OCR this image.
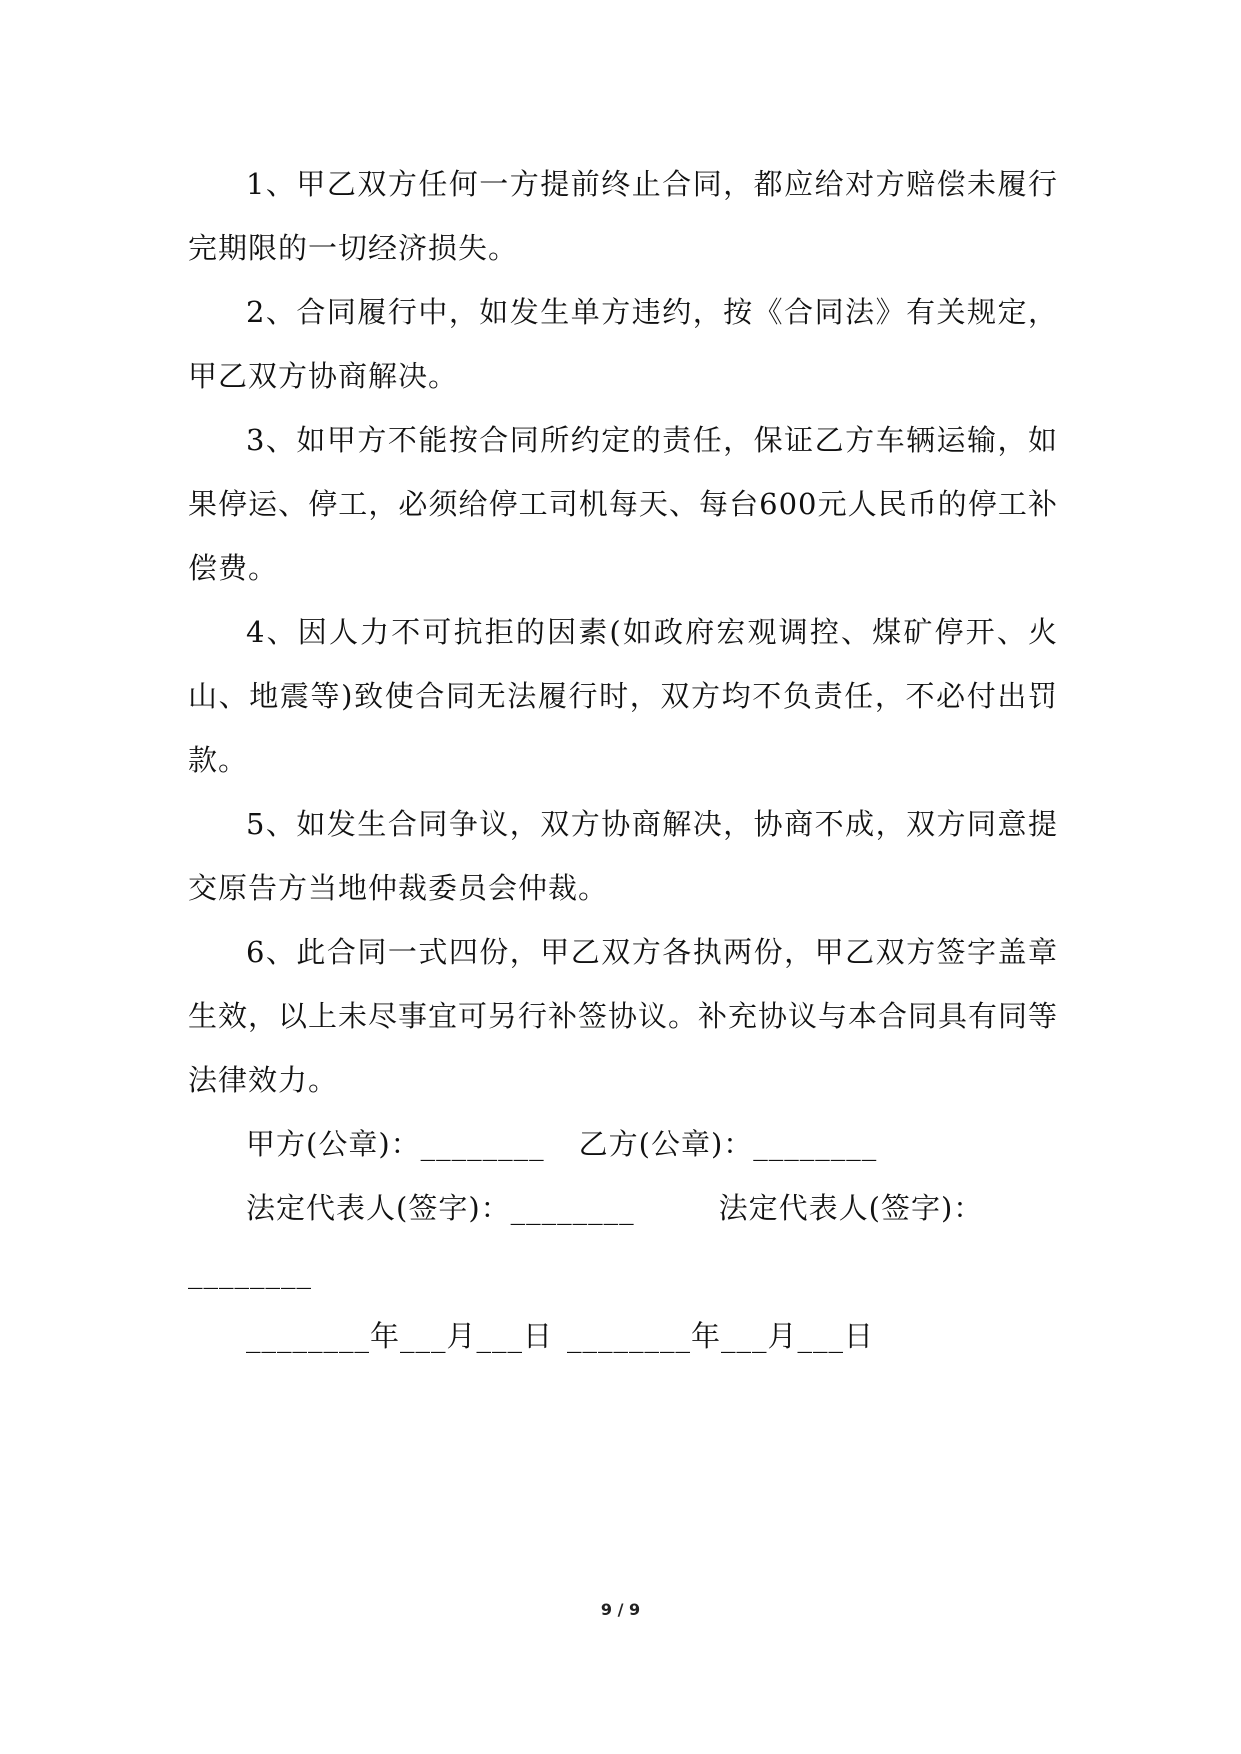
1、甲乙双方任何一方提前终止合同，都应给对方赔偿未履行完期限的一切经济损失。

2、合同履行中，如发生单方违约，按《合同法》有关规定，甲乙双方协商解决。

3、如甲方不能按合同所约定的责任，保证乙方车辆运输，如果停运、停工，必须给停工司机每天、每台600元人民币的停工补偿费。

4、因人力不可抗拒的因素(如政府宏观调控、煤矿停开、火山、地震等)致使合同无法履行时，双方均不负责任，不必付出罚款。

5、如发生合同争议，双方协商解决，协商不成，双方同意提交原告方当地仲裁委员会仲裁。

6、此合同一式四份，甲乙双方各执两份，甲乙双方签字盖章生效，以上未尽事宜可另行补签协议。补充协议与本合同具有同等法律效力。

甲方(公章)：________ 乙方(公章)：________
法定代表人(签字)：________	法定代表人(签字)：
________
________年___月___日 ________年___月___日
9 / 9
